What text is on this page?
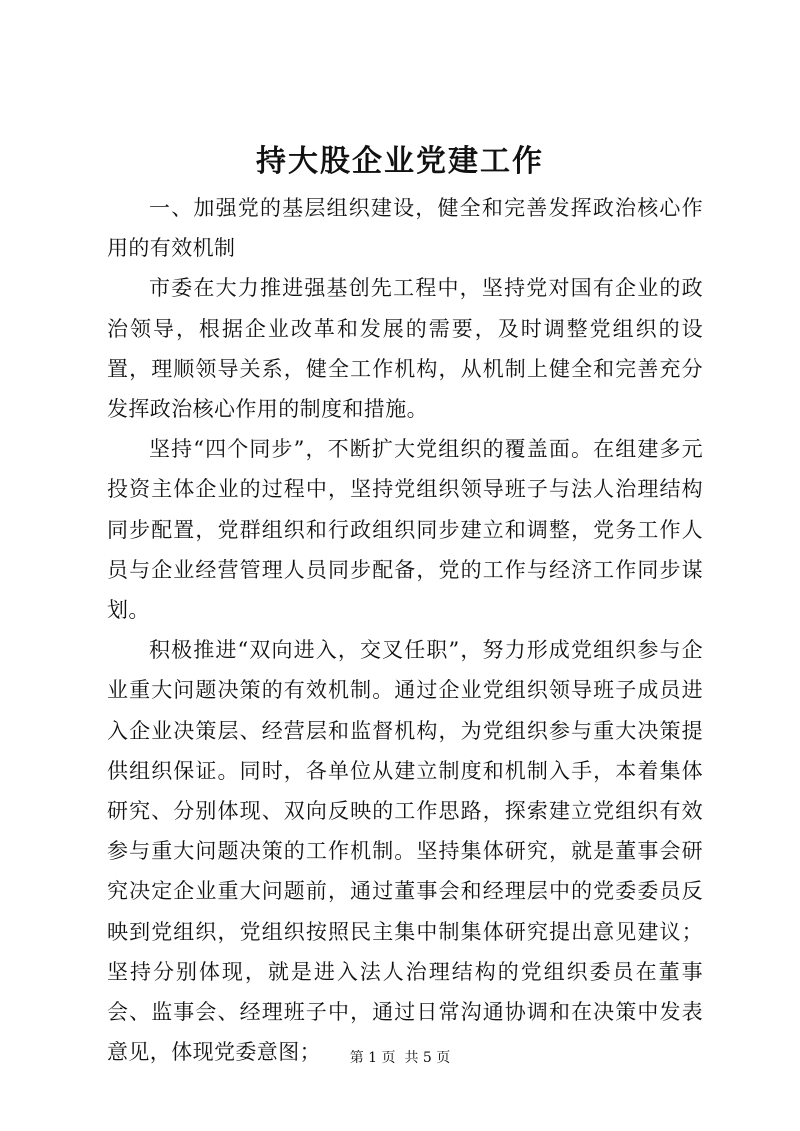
持大股企业党建工作

一、加强党的基层组织建设，健全和完善发挥政治核心作用的有效机制

市委在大力推进强基创先工程中，坚持党对国有企业的政治领导，根据企业改革和发展的需要，及时调整党组织的设置，理顺领导关系，健全工作机构，从机制上健全和完善充分发挥政治核心作用的制度和措施。

坚持“四个同步”，不断扩大党组织的覆盖面。在组建多元投资主体企业的过程中，坚持党组织领导班子与法人治理结构同步配置，党群组织和行政组织同步建立和调整，党务工作人员与企业经营管理人员同步配备，党的工作与经济工作同步谋划。

积极推进“双向进入，交叉任职”，努力形成党组织参与企业重大问题决策的有效机制。通过企业党组织领导班子成员进入企业决策层、经营层和监督机构，为党组织参与重大决策提供组织保证。同时，各单位从建立制度和机制入手，本着集体研究、分别体现、双向反映的工作思路，探索建立党组织有效参与重大问题决策的工作机制。坚持集体研究，就是董事会研究决定企业重大问题前，通过董事会和经理层中的党委委员反映到党组织，党组织按照民主集中制集体研究提出意见建议；坚持分别体现，就是进入法人治理结构的党组织委员在董事会、监事会、经理班子中，通过日常沟通协调和在决策中发表意见，体现党委意图；	第 1 页  共 5 页
